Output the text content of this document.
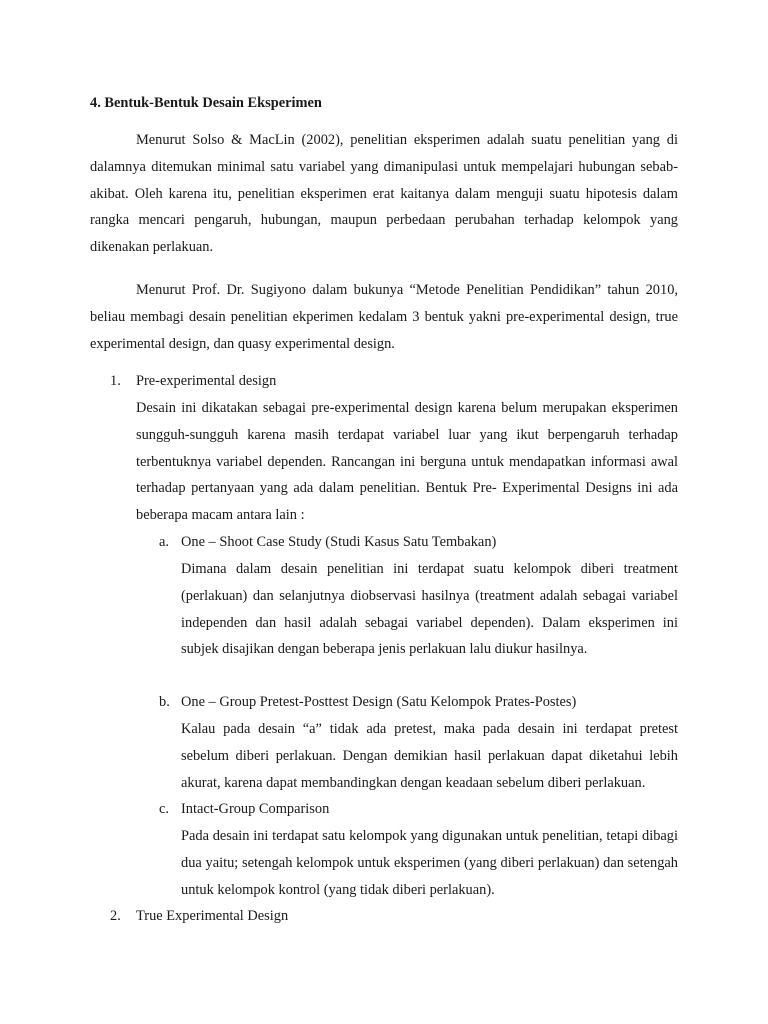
4. Bentuk-Bentuk Desain Eksperimen

Menurut Solso & MacLin (2002), penelitian eksperimen adalah suatu penelitian yang di dalamnya ditemukan minimal satu variabel yang dimanipulasi untuk mempelajari hubungan sebab-akibat. Oleh karena itu, penelitian eksperimen erat kaitanya dalam menguji suatu hipotesis dalam rangka mencari pengaruh, hubungan, maupun perbedaan perubahan terhadap kelompok yang dikenakan perlakuan.

Menurut Prof. Dr. Sugiyono dalam bukunya “Metode Penelitian Pendidikan” tahun 2010, beliau membagi desain penelitian ekperimen kedalam 3 bentuk yakni pre-experimental design, true experimental design, dan quasy experimental design.

1. Pre-experimental design

Desain ini dikatakan sebagai pre-experimental design karena belum merupakan eksperimen sungguh-sungguh karena masih terdapat variabel luar yang ikut berpengaruh terhadap terbentuknya variabel dependen. Rancangan ini berguna untuk mendapatkan informasi awal terhadap pertanyaan yang ada dalam penelitian. Bentuk Pre- Experimental Designs ini ada beberapa macam antara lain :

a. One – Shoot Case Study (Studi Kasus Satu Tembakan)

Dimana dalam desain penelitian ini terdapat suatu kelompok diberi treatment (perlakuan) dan selanjutnya diobservasi hasilnya (treatment adalah sebagai variabel independen dan hasil adalah sebagai variabel dependen). Dalam eksperimen ini subjek disajikan dengan beberapa jenis perlakuan lalu diukur hasilnya.

b. One – Group Pretest-Posttest Design (Satu Kelompok Prates-Postes)

Kalau pada desain “a” tidak ada pretest, maka pada desain ini terdapat pretest sebelum diberi perlakuan. Dengan demikian hasil perlakuan dapat diketahui lebih akurat, karena dapat membandingkan dengan keadaan sebelum diberi perlakuan.

c. Intact-Group Comparison

Pada desain ini terdapat satu kelompok yang digunakan untuk penelitian, tetapi dibagi dua yaitu; setengah kelompok untuk eksperimen (yang diberi perlakuan) dan setengah untuk kelompok kontrol (yang tidak diberi perlakuan).

2. True Experimental Design
